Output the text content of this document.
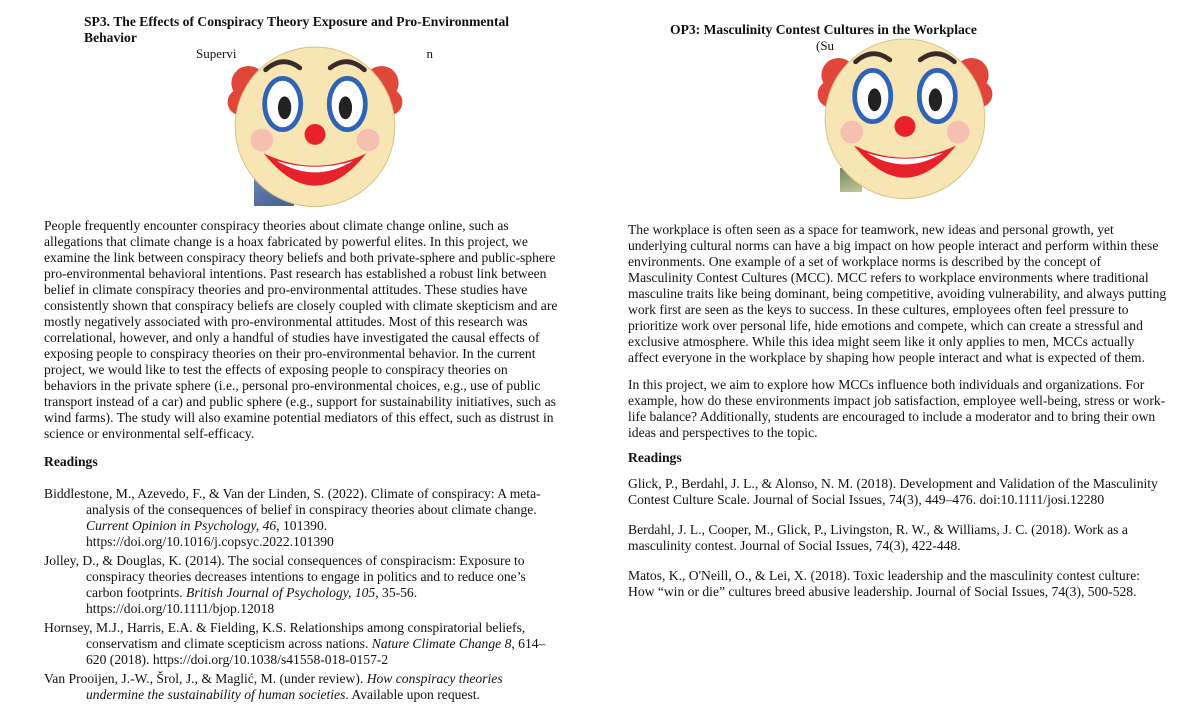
SP3. The Effects of Conspiracy Theory Exposure and Pro-Environmental Behavior
Supervi	n

People frequently encounter conspiracy theories about climate change online, such as allegations that climate change is a hoax fabricated by powerful elites. In this project, we examine the link between conspiracy theory beliefs and both private-sphere and public-sphere pro-environmental behavioral intentions. Past research has established a robust link between belief in climate conspiracy theories and pro-environmental attitudes. These studies have consistently shown that conspiracy beliefs are closely coupled with climate skepticism and are mostly negatively associated with pro-environmental attitudes. Most of this research was correlational, however, and only a handful of studies have investigated the causal effects of exposing people to conspiracy theories on their pro-environmental behavior. In the current project, we would like to test the effects of exposing people to conspiracy theories on behaviors in the private sphere (i.e., personal pro-environmental choices, e.g., use of public transport instead of a car) and public sphere (e.g., support for sustainability initiatives, such as wind farms). The study will also examine potential mediators of this effect, such as distrust in science or environmental self-efficacy.

Readings
Biddlestone, M., Azevedo, F., & Van der Linden, S. (2022). Climate of conspiracy: A meta-analysis of the consequences of belief in conspiracy theories about climate change. Current Opinion in Psychology, 46, 101390. https://doi.org/10.1016/j.copsyc.2022.101390
Jolley, D., & Douglas, K. (2014). The social consequences of conspiracism: Exposure to conspiracy theories decreases intentions to engage in politics and to reduce one’s carbon footprints. British Journal of Psychology, 105, 35-56. https://doi.org/10.1111/bjop.12018
Hornsey, M.J., Harris, E.A. & Fielding, K.S. Relationships among conspiratorial beliefs, conservatism and climate scepticism across nations. Nature Climate Change 8, 614–620 (2018). https://doi.org/10.1038/s41558-018-0157-2
Van Prooijen, J.-W., Šrol, J., & Maglić, M. (under review). How conspiracy theories undermine the sustainability of human societies. Available upon request.
OP3: Masculinity Contest Cultures in the Workplace
(Su

The workplace is often seen as a space for teamwork, new ideas and personal growth, yet underlying cultural norms can have a big impact on how people interact and perform within these environments. One example of a set of workplace norms is described by the concept of Masculinity Contest Cultures (MCC). MCC refers to workplace environments where traditional masculine traits like being dominant, being competitive, avoiding vulnerability, and always putting work first are seen as the keys to success. In these cultures, employees often feel pressure to prioritize work over personal life, hide emotions and compete, which can create a stressful and exclusive atmosphere. While this idea might seem like it only applies to men, MCCs actually affect everyone in the workplace by shaping how people interact and what is expected of them.

In this project, we aim to explore how MCCs influence both individuals and organizations. For example, how do these environments impact job satisfaction, employee well-being, stress or work-life balance? Additionally, students are encouraged to include a moderator and to bring their own ideas and perspectives to the topic.

Readings
Glick, P., Berdahl, J. L., & Alonso, N. M. (2018). Development and Validation of the Masculinity Contest Culture Scale. Journal of Social Issues, 74(3), 449–476. doi:10.1111/josi.12280
Berdahl, J. L., Cooper, M., Glick, P., Livingston, R. W., & Williams, J. C. (2018). Work as a masculinity contest. Journal of Social Issues, 74(3), 422-448.
Matos, K., O'Neill, O., & Lei, X. (2018). Toxic leadership and the masculinity contest culture: How “win or die” cultures breed abusive leadership. Journal of Social Issues, 74(3), 500-528.
